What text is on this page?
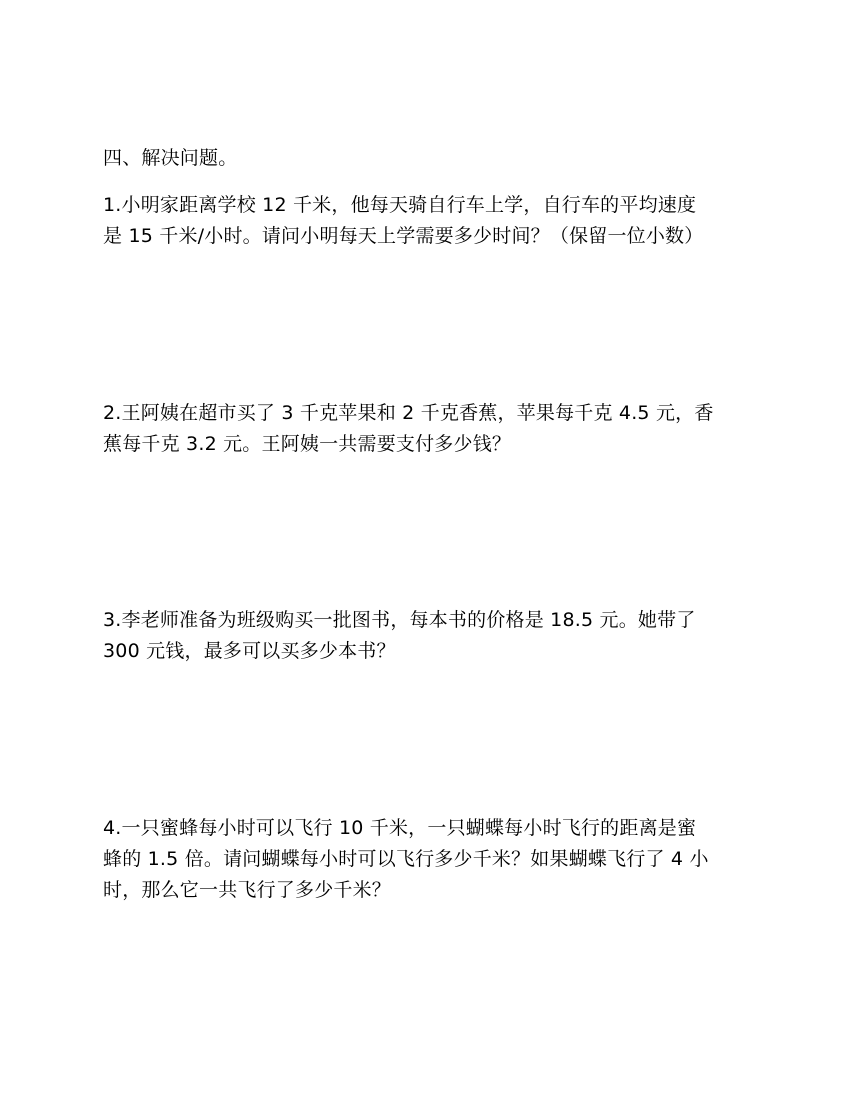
四、解决问题。
1.小明家距离学校 12 千米，他每天骑自行车上学，自行车的平均速度
是 15 千米/小时。请问小明每天上学需要多少时间？（保留一位小数）
2.王阿姨在超市买了 3 千克苹果和 2 千克香蕉，苹果每千克 4.5 元，香
蕉每千克 3.2 元。王阿姨一共需要支付多少钱？
3.李老师准备为班级购买一批图书，每本书的价格是 18.5 元。她带了
300 元钱，最多可以买多少本书？
4.一只蜜蜂每小时可以飞行 10 千米，一只蝴蝶每小时飞行的距离是蜜
蜂的 1.5 倍。请问蝴蝶每小时可以飞行多少千米？如果蝴蝶飞行了 4 小
时，那么它一共飞行了多少千米？
